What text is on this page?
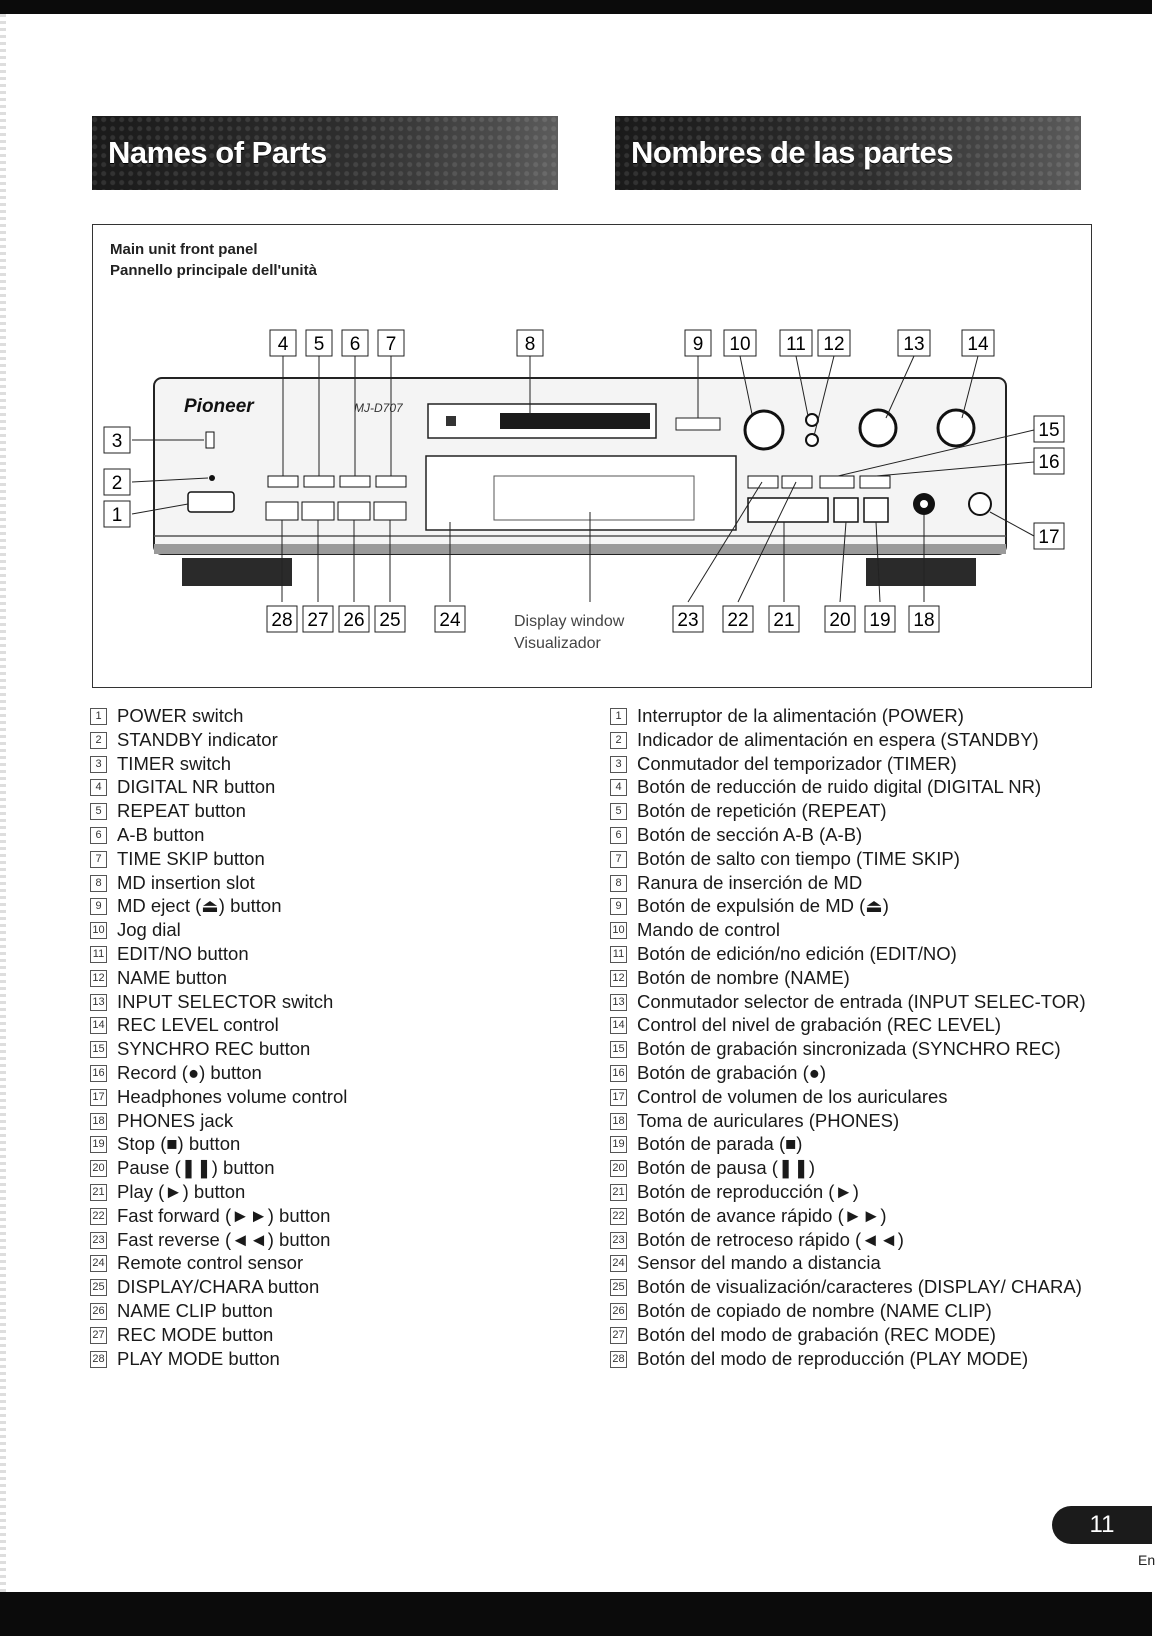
Names of Parts	Nombres de las partes
Main unit front panel
Pannello principale dell'unità
Pioneer	MJ-D707
4 5 6 7	8	9 10 11 12	13 14
3
2
1
15
16
17
28 27 26 25 24	23 22 21 20 19 18
Display window
Visualizador
1 POWER switch
2 STANDBY indicator
3 TIMER switch
4 DIGITAL NR button
5 REPEAT button
6 A-B button
7 TIME SKIP button
8 MD insertion slot
9 MD eject (⏏) button
10 Jog dial
11 EDIT/NO button
12 NAME button
13 INPUT SELECTOR switch
14 REC LEVEL control
15 SYNCHRO REC button
16 Record (●) button
17 Headphones volume control
18 PHONES jack
19 Stop (■) button
20 Pause (❚❚) button
21 Play (►) button
22 Fast forward (►►) button
23 Fast reverse (◄◄) button
24 Remote control sensor
25 DISPLAY/CHARA button
26 NAME CLIP button
27 REC MODE button
28 PLAY MODE button
1 Interruptor de la alimentación (POWER)
2 Indicador de alimentación en espera (STANDBY)
3 Conmutador del temporizador (TIMER)
4 Botón de reducción de ruido digital (DIGITAL NR)
5 Botón de repetición (REPEAT)
6 Botón de sección A-B (A-B)
7 Botón de salto con tiempo (TIME SKIP)
8 Ranura de inserción de MD
9 Botón de expulsión de MD (⏏)
10 Mando de control
11 Botón de edición/no edición (EDIT/NO)
12 Botón de nombre (NAME)
13 Conmutador selector de entrada (INPUT SELEC-TOR)
14 Control del nivel de grabación (REC LEVEL)
15 Botón de grabación sincronizada (SYNCHRO REC)
16 Botón de grabación (●)
17 Control de volumen de los auriculares
18 Toma de auriculares (PHONES)
19 Botón de parada (■)
20 Botón de pausa (❚❚)
21 Botón de reproducción (►)
22 Botón de avance rápido (►►)
23 Botón de retroceso rápido (◄◄)
24 Sensor del mando a distancia
25 Botón de visualización/caracteres (DISPLAY/ CHARA)
26 Botón de copiado de nombre (NAME CLIP)
27 Botón del modo de grabación (REC MODE)
28 Botón del modo de reproducción (PLAY MODE)
11
En
